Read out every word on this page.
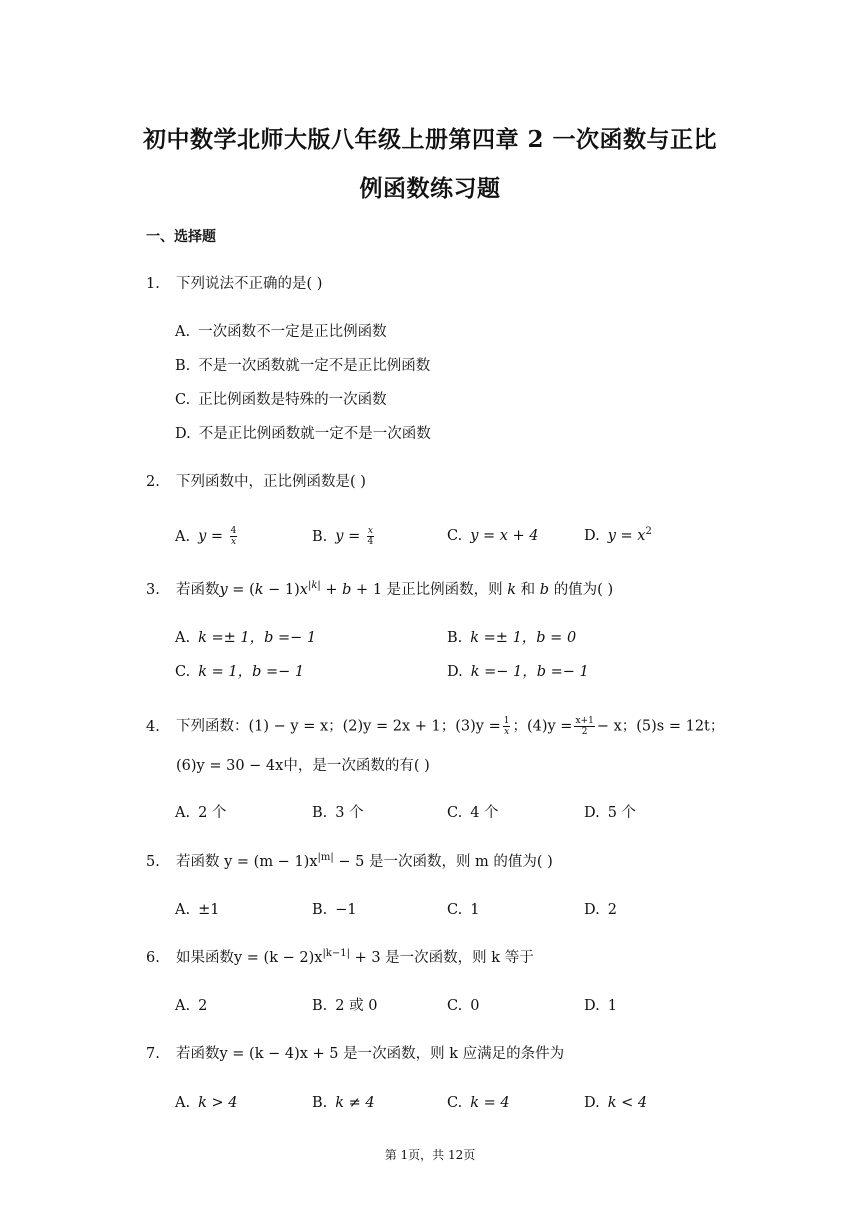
初中数学北师大版八年级上册第四章 2 一次函数与正比
例函数练习题
一、选择题
1. 下列说法不正确的是( )
A. 一次函数不一定是正比例函数
B. 不是一次函数就一定不是正比例函数
C. 正比例函数是特殊的一次函数
D. 不是正比例函数就一定不是一次函数
2. 下列函数中，正比例函数是( )
A. $y = \frac{4}{x}$	B. $y = \frac{x}{4}$	C. y = x + 4	D. $y = x^2$
3. 若函数$y = (k - 1)x^{|k|} + b + 1$ 是正比例函数，则 k 和 b 的值为( )
A. k =± 1，b =− 1	B. k =± 1，b = 0
C. k = 1，b =− 1	D. k =− 1，b =− 1
4. 下列函数：(1) − y = x；(2)y = 2x + 1；$(3)y = \frac{1}{x}$ ；$(4)y = \frac{x+1}{2} - x$；(5)s = 12t；
(6)y = 30 − 4x中，是一次函数的有( )
A. 2 个	B. 3 个	C. 4 个	D. 5 个
5. 若函数 $y = (m - 1)x^{|m|} - 5$ 是一次函数，则 m 的值为( )
A. ±1	B. −1	C. 1	D. 2
6. 如果函数$y = (k - 2)x^{|k-1|} + 3$ 是一次函数，则 k 等于
A. 2	B. 2 或 0	C. 0	D. 1
7. 若函数y = (k − 4)x + 5 是一次函数，则 k 应满足的条件为
A. k > 4	B. k ≠ 4	C. k = 4	D. k < 4
第 1页，共 12页
